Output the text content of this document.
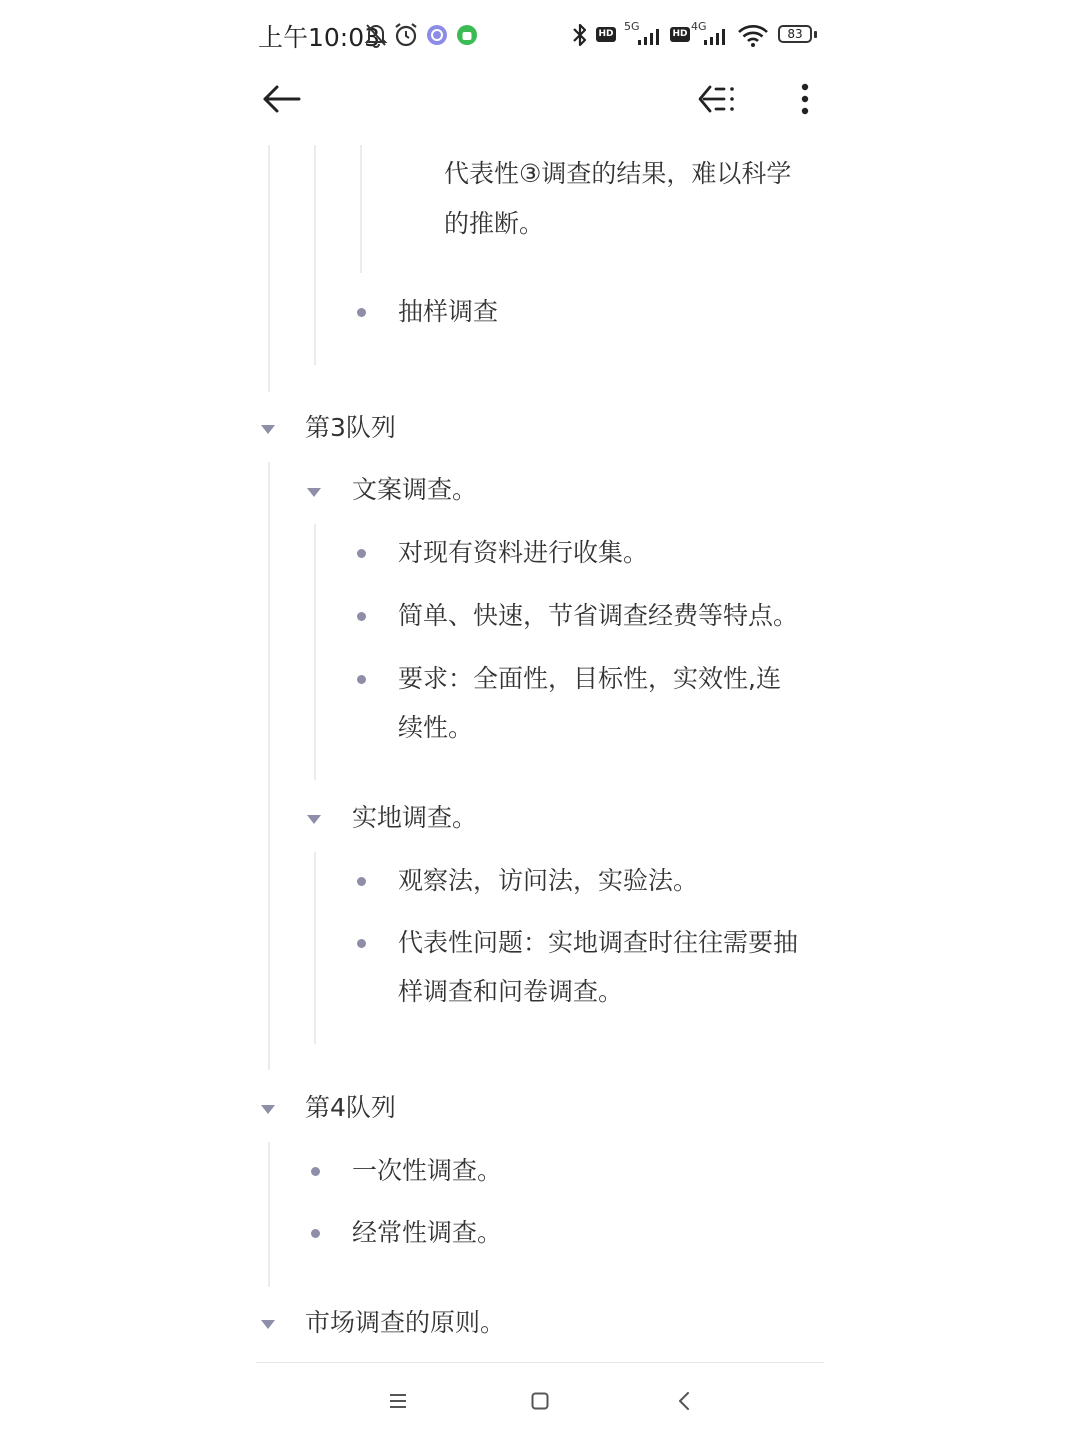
上午10:03	HD
5G
HD
4G
83
代表性③调查的结果，难以科学
的推断。
抽样调查
第3队列
文案调查。
对现有资料进行收集。
简单、快速，节省调查经费等特点。
要求：全面性，目标性，实效性,连
续性。
实地调查。
观察法，访问法，实验法。
代表性问题：实地调查时往往需要抽
样调查和问卷调查。
第4队列
一次性调查。
经常性调查。
市场调查的原则。
